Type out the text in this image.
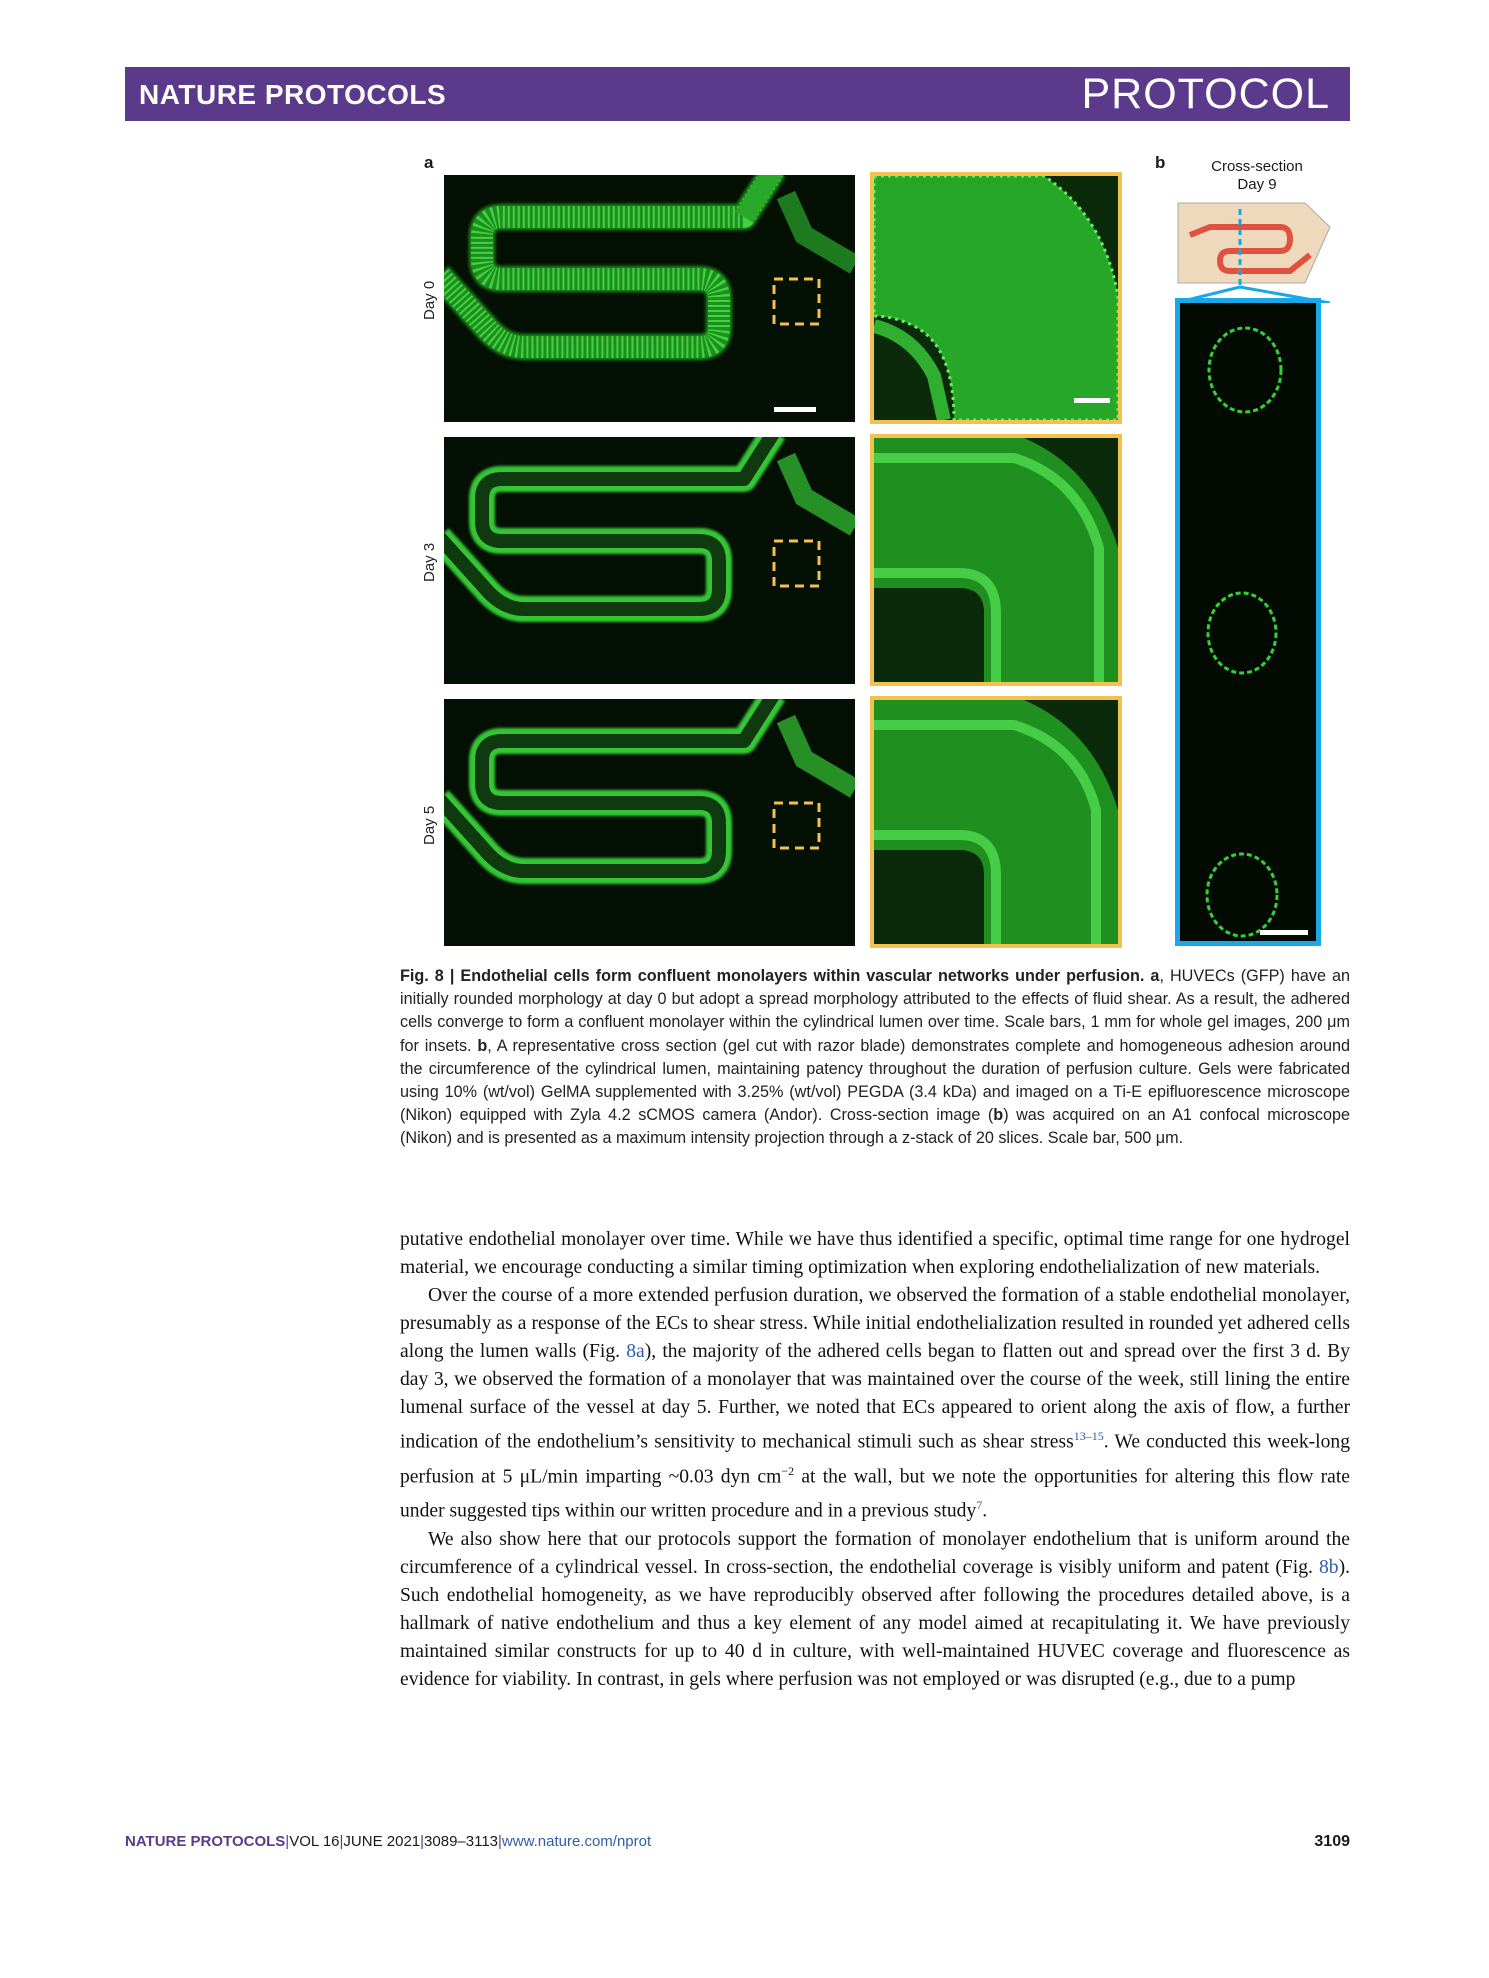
NATURE PROTOCOLS	PROTOCOL
a	b
Day 0
Day 3
Day 5
Cross-section
Day 9
Fig. 8 | Endothelial cells form confluent monolayers within vascular networks under perfusion. a, HUVECs (GFP) have an initially rounded morphology at day 0 but adopt a spread morphology attributed to the effects of fluid shear. As a result, the adhered cells converge to form a confluent monolayer within the cylindrical lumen over time. Scale bars, 1 mm for whole gel images, 200 μm for insets. b, A representative cross section (gel cut with razor blade) demonstrates complete and homogeneous adhesion around the circumference of the cylindrical lumen, maintaining patency throughout the duration of perfusion culture. Gels were fabricated using 10% (wt/vol) GelMA supplemented with 3.25% (wt/vol) PEGDA (3.4 kDa) and imaged on a Ti-E epifluorescence microscope (Nikon) equipped with Zyla 4.2 sCMOS camera (Andor). Cross-section image (b) was acquired on an A1 confocal microscope (Nikon) and is presented as a maximum intensity projection through a z-stack of 20 slices. Scale bar, 500 μm.

putative endothelial monolayer over time. While we have thus identified a specific, optimal time range for one hydrogel material, we encourage conducting a similar timing optimization when exploring endothelialization of new materials.

Over the course of a more extended perfusion duration, we observed the formation of a stable endothelial monolayer, presumably as a response of the ECs to shear stress. While initial endothelialization resulted in rounded yet adhered cells along the lumen walls (Fig. 8a), the majority of the adhered cells began to flatten out and spread over the first 3 d. By day 3, we observed the formation of a monolayer that was maintained over the course of the week, still lining the entire lumenal surface of the vessel at day 5. Further, we noted that ECs appeared to orient along the axis of flow, a further indication of the endothelium’s sensitivity to mechanical stimuli such as shear stress$^{13-15}$. We conducted this week-long perfusion at 5 μL/min imparting ~0.03 dyn $cm^{-2}$ at the wall, but we note the opportunities for altering this flow rate under suggested tips within our written procedure and in a previous study$^7$.

We also show here that our protocols support the formation of monolayer endothelium that is uniform around the circumference of a cylindrical vessel. In cross-section, the endothelial coverage is visibly uniform and patent (Fig. 8b). Such endothelial homogeneity, as we have reproducibly observed after following the procedures detailed above, is a hallmark of native endothelium and thus a key element of any model aimed at recapitulating it. We have previously maintained similar constructs for up to 40 d in culture, with well-maintained HUVEC coverage and fluorescence as evidence for viability. In contrast, in gels where perfusion was not employed or was disrupted (e.g., due to a pump

NATURE PROTOCOLS|VOL 16|JUNE 2021|3089–3113|www.nature.com/nprot	3109
